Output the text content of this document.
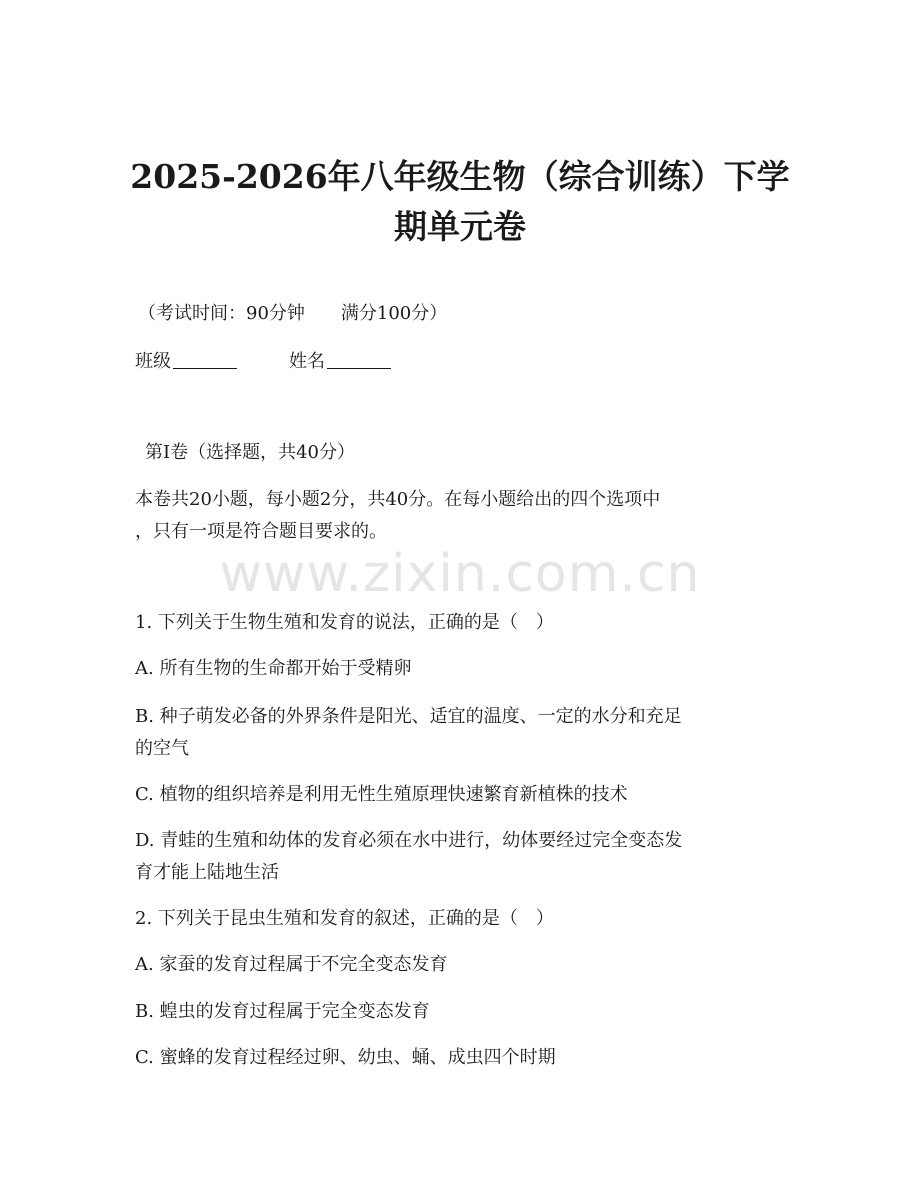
2025-2026年八年级生物（综合训练）下学
期单元卷
（考试时间：90分钟　　满分100分）
班级	姓名
第I卷（选择题，共40分）
本卷共20小题，每小题2分，共40分。在每小题给出的四个选项中
，只有一项是符合题目要求的。
www.zixin.com.cn
1. 下列关于生物生殖和发育的说法，正确的是（　）
A. 所有生物的生命都开始于受精卵
B. 种子萌发必备的外界条件是阳光、适宜的温度、一定的水分和充足
的空气
C. 植物的组织培养是利用无性生殖原理快速繁育新植株的技术
D. 青蛙的生殖和幼体的发育必须在水中进行，幼体要经过完全变态发
育才能上陆地生活
2. 下列关于昆虫生殖和发育的叙述，正确的是（　）
A. 家蚕的发育过程属于不完全变态发育
B. 蝗虫的发育过程属于完全变态发育
C. 蜜蜂的发育过程经过卵、幼虫、蛹、成虫四个时期
